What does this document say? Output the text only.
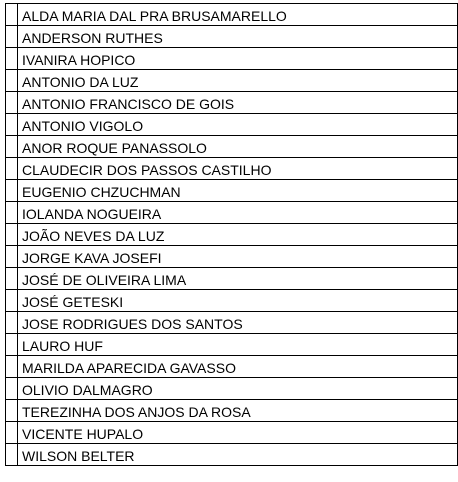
	ALDA MARIA DAL PRA BRUSAMARELLO
	ANDERSON RUTHES
	IVANIRA HOPICO
	ANTONIO DA LUZ
	ANTONIO FRANCISCO DE GOIS
	ANTONIO VIGOLO
	ANOR ROQUE PANASSOLO
	CLAUDECIR DOS PASSOS CASTILHO
	EUGENIO CHZUCHMAN
	IOLANDA NOGUEIRA
	JOÃO NEVES DA LUZ
	JORGE KAVA JOSEFI
	JOSÉ DE OLIVEIRA LIMA
	JOSÉ GETESKI
	JOSE RODRIGUES DOS SANTOS
	LAURO HUF
	MARILDA APARECIDA GAVASSO
	OLIVIO DALMAGRO
	TEREZINHA DOS ANJOS DA ROSA
	VICENTE HUPALO
	WILSON BELTER
